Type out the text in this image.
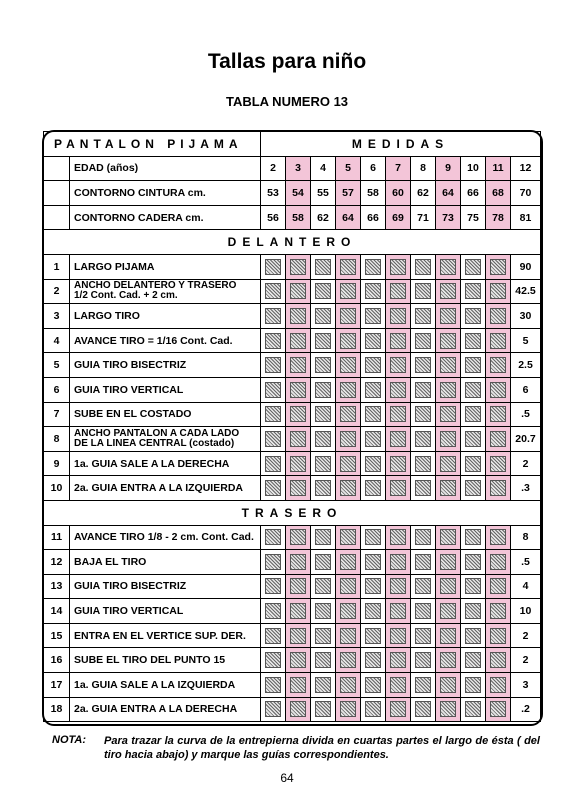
Tallas para niño
TABLA NUMERO 13
PANTALON PIJAMA		MEDIDAS										
	EDAD (años)	2	3	4	5	6	7	8	9	10	11	12
	CONTORNO CINTURA cm.	53	54	55	57	58	60	62	64	66	68	70
	CONTORNO CADERA cm.	56	58	62	64	66	69	71	73	75	78	81
DELANTERO												
1	LARGO PIJAMA											90
2	ANCHO DELANTERO Y TRASERO
1/2 Cont. Cad. + 2 cm.											42.5
3	LARGO TIRO											30
4	AVANCE TIRO = 1/16 Cont. Cad.											5
5	GUIA TIRO BISECTRIZ											2.5
6	GUIA TIRO VERTICAL											6
7	SUBE EN EL COSTADO											.5
8	ANCHO PANTALON A CADA LADO
DE LA LINEA CENTRAL (costado)											20.7
9	1a. GUIA SALE A LA DERECHA											2
10	2a. GUIA ENTRA A LA IZQUIERDA											.3
TRASERO												
11	AVANCE TIRO 1/8 - 2 cm. Cont. Cad.											8
12	BAJA EL TIRO											.5
13	GUIA TIRO BISECTRIZ											4
14	GUIA TIRO VERTICAL											10
15	ENTRA EN EL VERTICE SUP. DER.											2
16	SUBE EL TIRO DEL PUNTO 15											2
17	1a. GUIA SALE A LA IZQUIERDA											3
18	2a. GUIA ENTRA A LA DERECHA											.2
NOTA: Para trazar la curva de la entrepierna divida en cuartas partes el largo de ésta ( del tiro hacia abajo) y marque las guías correspondientes.
64
